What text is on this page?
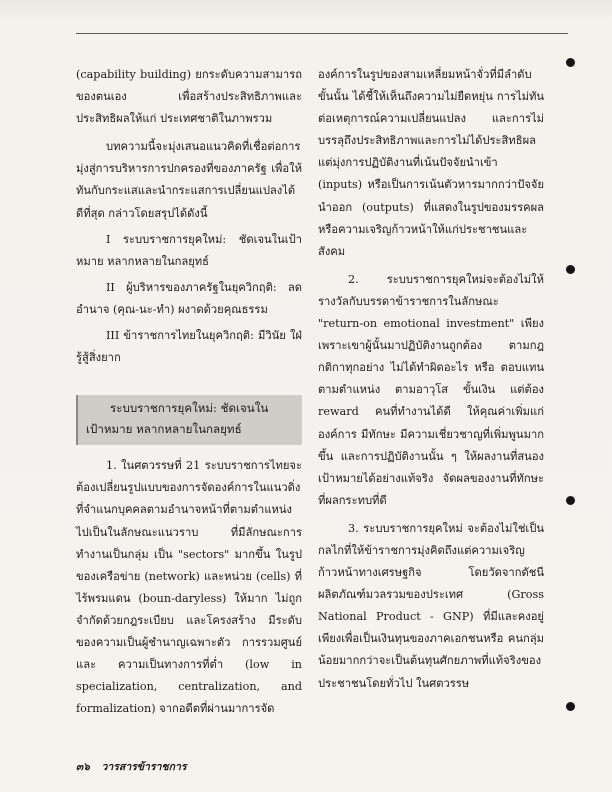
(capability building) ยกระดับความสามารถของตนเอง เพื่อสร้างประสิทธิภาพและประสิทธิผลให้แก่ ประเทศชาติในภาพรวม

บทความนี้จะมุ่งเสนอแนวคิดที่เชื่อต่อการมุ่งสู่การบริหารการปกครองที่ของภาครัฐ เพื่อให้ทันกับกระแสและนำกระแสการเปลี่ยนแปลงได้ดีที่สุด กล่าวโดยสรุปได้ดังนี้

I ระบบราชการยุคใหม่: ชัดเจนในเป้าหมาย หลากหลายในกลยุทธ์

II ผู้บริหารของภาครัฐในยุควิกฤติ: ลดอำนาจ (คุณ-นะ-ทำ) ผงาดด้วยคุณธรรม

III ข้าราชการไทยในยุควิกฤติ: มีวินัย ใฝ่รู้สู้สิ่งยาก

ระบบราชการยุคใหม่: ชัดเจนใน

เป้าหมาย หลากหลายในกลยุทธ์

1. ในศตวรรษที่ 21 ระบบราชการไทยจะต้องเปลี่ยนรูปแบบของการจัดองค์การในแนวดิ่ง ที่จำแนกบุคคลตามอำนาจหน้าที่ตามตำแหน่งไปเป็นในลักษณะแนวราบ ที่มีลักษณะการทำงานเป็นกลุ่ม เป็น "sectors" มากขึ้น ในรูปของเครือข่าย (network) และหน่วย (cells) ที่ไร้พรมแดน (boun-daryless) ให้มาก ไม่ถูกจำกัดด้วยกฎระเบียบ และโครงสร้าง มีระดับของความเป็นผู้ชำนาญเฉพาะตัว การรวมศูนย์ และ ความเป็นทางการที่ต่ำ (low in specialization, centralization, and formalization) จากอดีตที่ผ่านมาการจัด

องค์การในรูปของสามเหลี่ยมหน้าจั่วที่มีลำดับขั้นนั้น ได้ชี้ให้เห็นถึงความไม่ยืดหยุ่น การไม่ทันต่อเหตุการณ์ความเปลี่ยนแปลง และการไม่บรรลุถึงประสิทธิภาพและการไม่ได้ประสิทธิผล แต่มุ่งการปฏิบัติงานที่เน้นปัจจัยนำเข้า (inputs) หรือเป็นการเน้นตัวหารมากกว่าปัจจัยนำออก (outputs) ที่แสดงในรูปของมรรคผลหรือความเจริญก้าวหน้าให้แก่ประชาชนและสังคม

2. ระบบราชการยุคใหม่จะต้องไม่ให้รางวัลกับบรรดาข้าราชการในลักษณะ "return-on emotional investment" เพียงเพราะเขาผู้นั้นมาปฏิบัติงานถูกต้อง ตามกฎกติกาทุกอย่าง ไม่ได้ทำผิดอะไร หรือ ตอบแทนตามตำแหน่ง ตามอาวุโส ขั้นเงิน แต่ต้อง reward คนที่ทำงานได้ดี ให้คุณค่าเพิ่มแก่องค์การ มีทักษะ มีความเชี่ยวชาญที่เพิ่มพูนมากขึ้น และการปฏิบัติงานนั้น ๆ ให้ผลงานที่สนองเป้าหมายได้อย่างแท้จริง จัดผลของงานที่ทักษะที่ผลกระทบที่ดี

3. ระบบราชการยุคใหม่ จะต้องไม่ใช่เป็นกลไกที่ให้ข้าราชการมุ่งคิดถึงแต่ความเจริญก้าวหน้าทางเศรษฐกิจ โดยวัดจากดัชนีผลิตภัณฑ์มวลรวมของประเทศ (Gross National Product - GNP) ที่มีและคงอยู่เพียงเพื่อเป็นเงินทุนของภาคเอกชนหรือ คนกลุ่มน้อยมากกว่าจะเป็นต้นทุนศักยภาพที่แท้จริงของประชาชนโดยทั่วไป ในศตวรรษ

๓๖ วารสารข้าราชการ
